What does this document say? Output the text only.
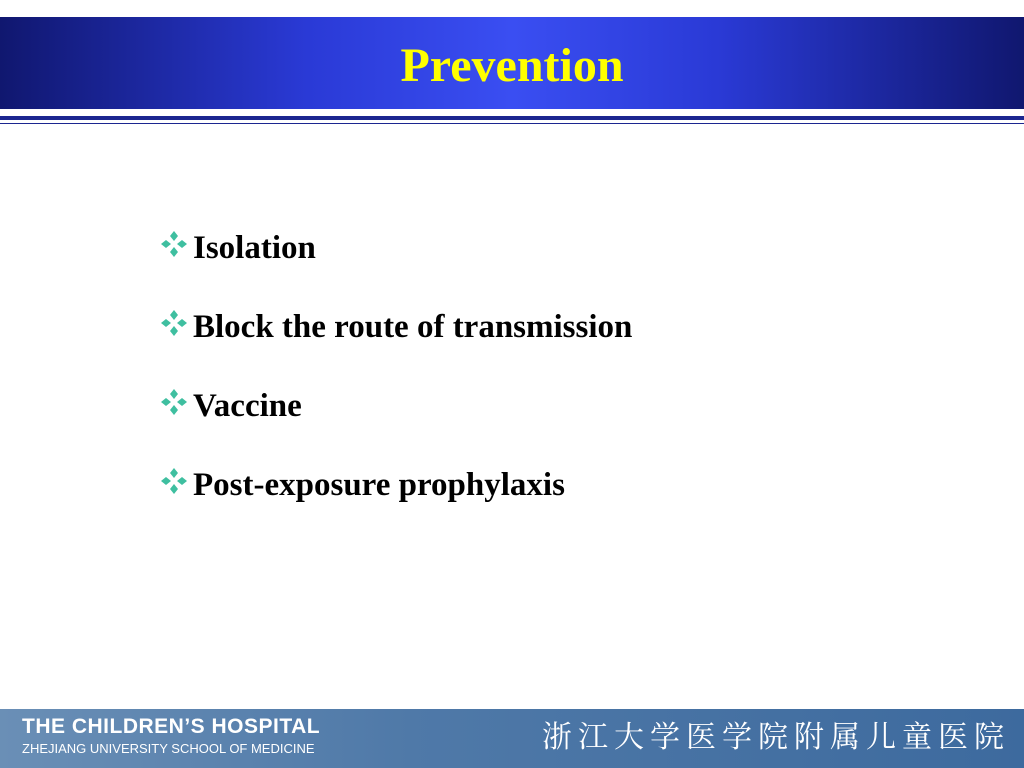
Prevention
Isolation
Block the route of transmission
Vaccine
Post-exposure prophylaxis
THE CHILDREN’S HOSPITAL
ZHEJIANG UNIVERSITY SCHOOL OF MEDICINE	浙江大学医学院附属儿童医院
